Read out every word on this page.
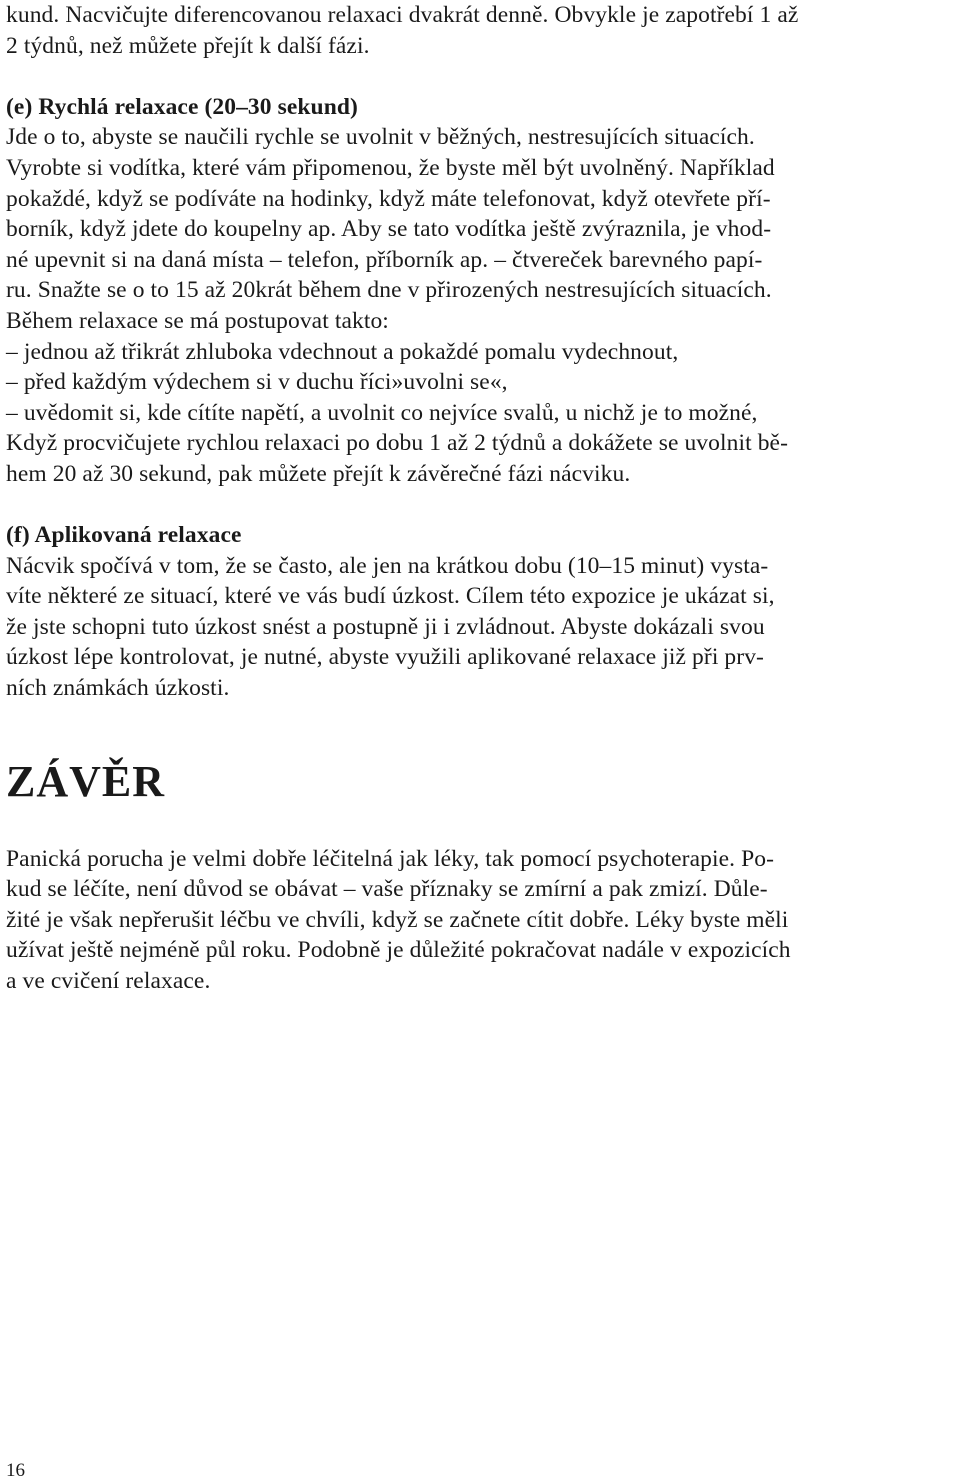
kund. Nacvičujte diferencovanou relaxaci dvakrát denně. Obvykle je zapotřebí 1 až
2 týdnů, než můžete přejít k další fázi.
(e) Rychlá relaxace (20–30 sekund)
Jde o to, abyste se naučili rychle se uvolnit v běžných, nestresujících situacích.
Vyrobte si vodítka, které vám připomenou, že byste měl být uvolněný. Například
pokaždé, když se podíváte na hodinky, když máte telefonovat, když otevřete pří-
borník, když jdete do koupelny ap. Aby se tato vodítka ještě zvýraznila, je vhod-
né upevnit si na daná místa – telefon, příborník ap. – čtvereček barevného papí-
ru. Snažte se o to 15 až 20krát během dne v přirozených nestresujících situacích.
Během relaxace se má postupovat takto:
– jednou až třikrát zhluboka vdechnout a pokaždé pomalu vydechnout,
– před každým výdechem si v duchu říci»uvolni se«,
– uvědomit si, kde cítíte napětí, a uvolnit co nejvíce svalů, u nichž je to možné,
Když procvičujete rychlou relaxaci po dobu 1 až 2 týdnů a dokážete se uvolnit bě-
hem 20 až 30 sekund, pak můžete přejít k závěrečné fázi nácviku.
(f) Aplikovaná relaxace
Nácvik spočívá v tom, že se často, ale jen na krátkou dobu (10–15 minut) vysta-
víte některé ze situací, které ve vás budí úzkost. Cílem této expozice je ukázat si,
že jste schopni tuto úzkost snést a postupně ji i zvládnout. Abyste dokázali svou
úzkost lépe kontrolovat, je nutné, abyste využili aplikované relaxace již při prv-
ních známkách úzkosti.
ZÁVĚR
Panická porucha je velmi dobře léčitelná jak léky, tak pomocí psychoterapie. Po-
kud se léčíte, není důvod se obávat – vaše příznaky se zmírní a pak zmizí. Důle-
žité je však nepřerušit léčbu ve chvíli, když se začnete cítit dobře. Léky byste měli
užívat ještě nejméně půl roku. Podobně je důležité pokračovat nadále v expozicích
a ve cvičení relaxace.
16
